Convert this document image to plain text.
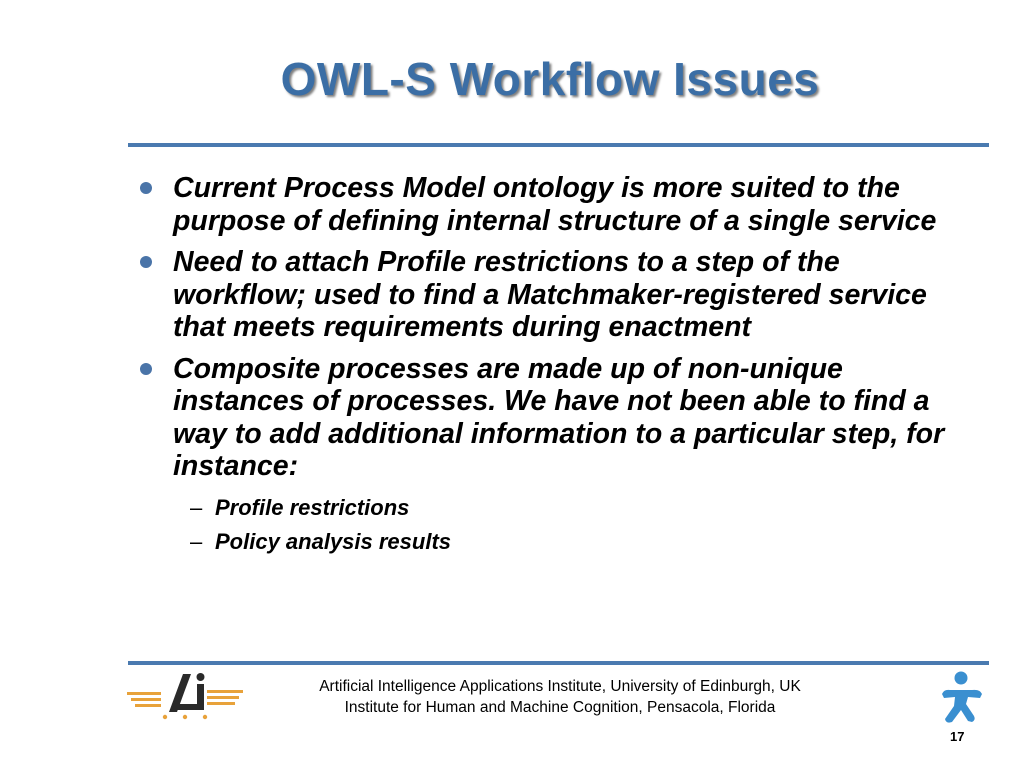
OWL-S Workflow Issues
Current Process Model ontology is more suited to the purpose of defining internal structure of a single service
Need to attach Profile restrictions to a step of the workflow; used to find a Matchmaker-registered service that meets requirements during enactment
Composite processes are made up of non-unique instances of processes. We have not been able to find a way to add additional information to a particular step, for instance:
– Profile restrictions
– Policy analysis results
Artificial Intelligence Applications Institute, University of Edinburgh, UK
Institute for Human and Machine Cognition, Pensacola, Florida
17
